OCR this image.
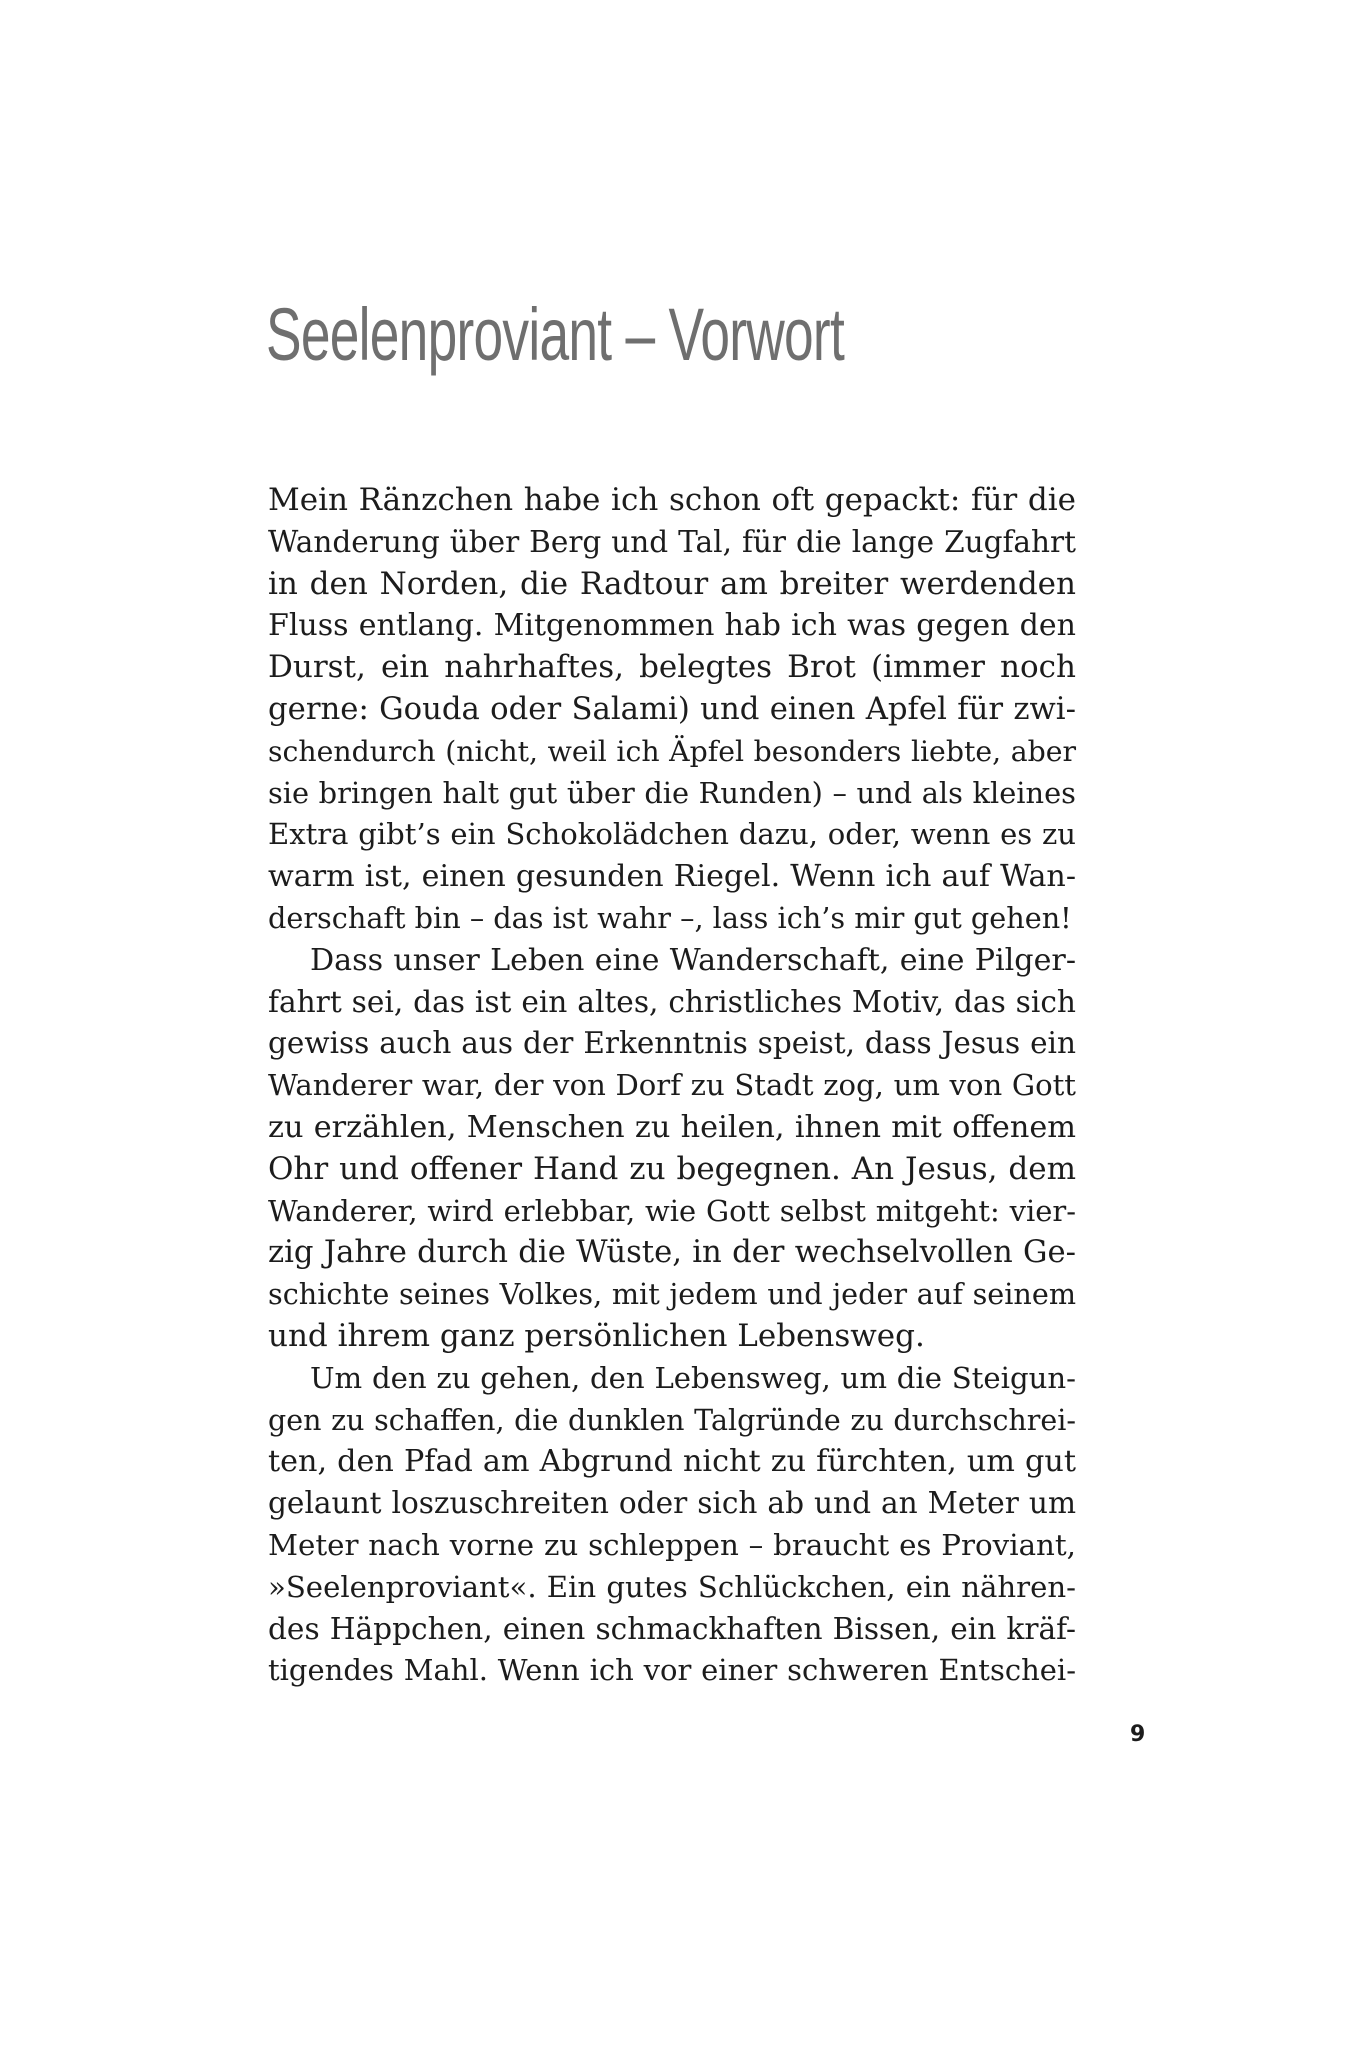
Seelenproviant – Vorwort
Mein Ränzchen habe ich schon oft gepackt: für die
Wanderung über Berg und Tal, für die lange Zugfahrt
in den Norden, die Radtour am breiter werdenden
Fluss entlang. Mitgenommen hab ich was gegen den
Durst, ein nahrhaftes, belegtes Brot (immer noch
gerne: Gouda oder Salami) und einen Apfel für zwi-
schendurch (nicht, weil ich Äpfel besonders liebte, aber
sie bringen halt gut über die Runden) – und als kleines
Extra gibt’s ein Schokolädchen dazu, oder, wenn es zu
warm ist, einen gesunden Riegel. Wenn ich auf Wan-
derschaft bin – das ist wahr –, lass ich’s mir gut gehen!
Dass unser Leben eine Wanderschaft, eine Pilger-
fahrt sei, das ist ein altes, christliches Motiv, das sich
gewiss auch aus der Erkenntnis speist, dass Jesus ein
Wanderer war, der von Dorf zu Stadt zog, um von Gott
zu erzählen, Menschen zu heilen, ihnen mit offenem
Ohr und offener Hand zu begegnen. An Jesus, dem
Wanderer, wird erlebbar, wie Gott selbst mitgeht: vier-
zig Jahre durch die Wüste, in der wechselvollen Ge-
schichte seines Volkes, mit jedem und jeder auf seinem
und ihrem ganz persönlichen Lebensweg.
Um den zu gehen, den Lebensweg, um die Steigun-
gen zu schaffen, die dunklen Talgründe zu durchschrei-
ten, den Pfad am Abgrund nicht zu fürchten, um gut
gelaunt loszuschreiten oder sich ab und an Meter um
Meter nach vorne zu schleppen – braucht es Proviant,
»Seelenproviant«. Ein gutes Schlückchen, ein nähren-
des Häppchen, einen schmackhaften Bissen, ein kräf-
tigendes Mahl. Wenn ich vor einer schweren Entschei-
9
